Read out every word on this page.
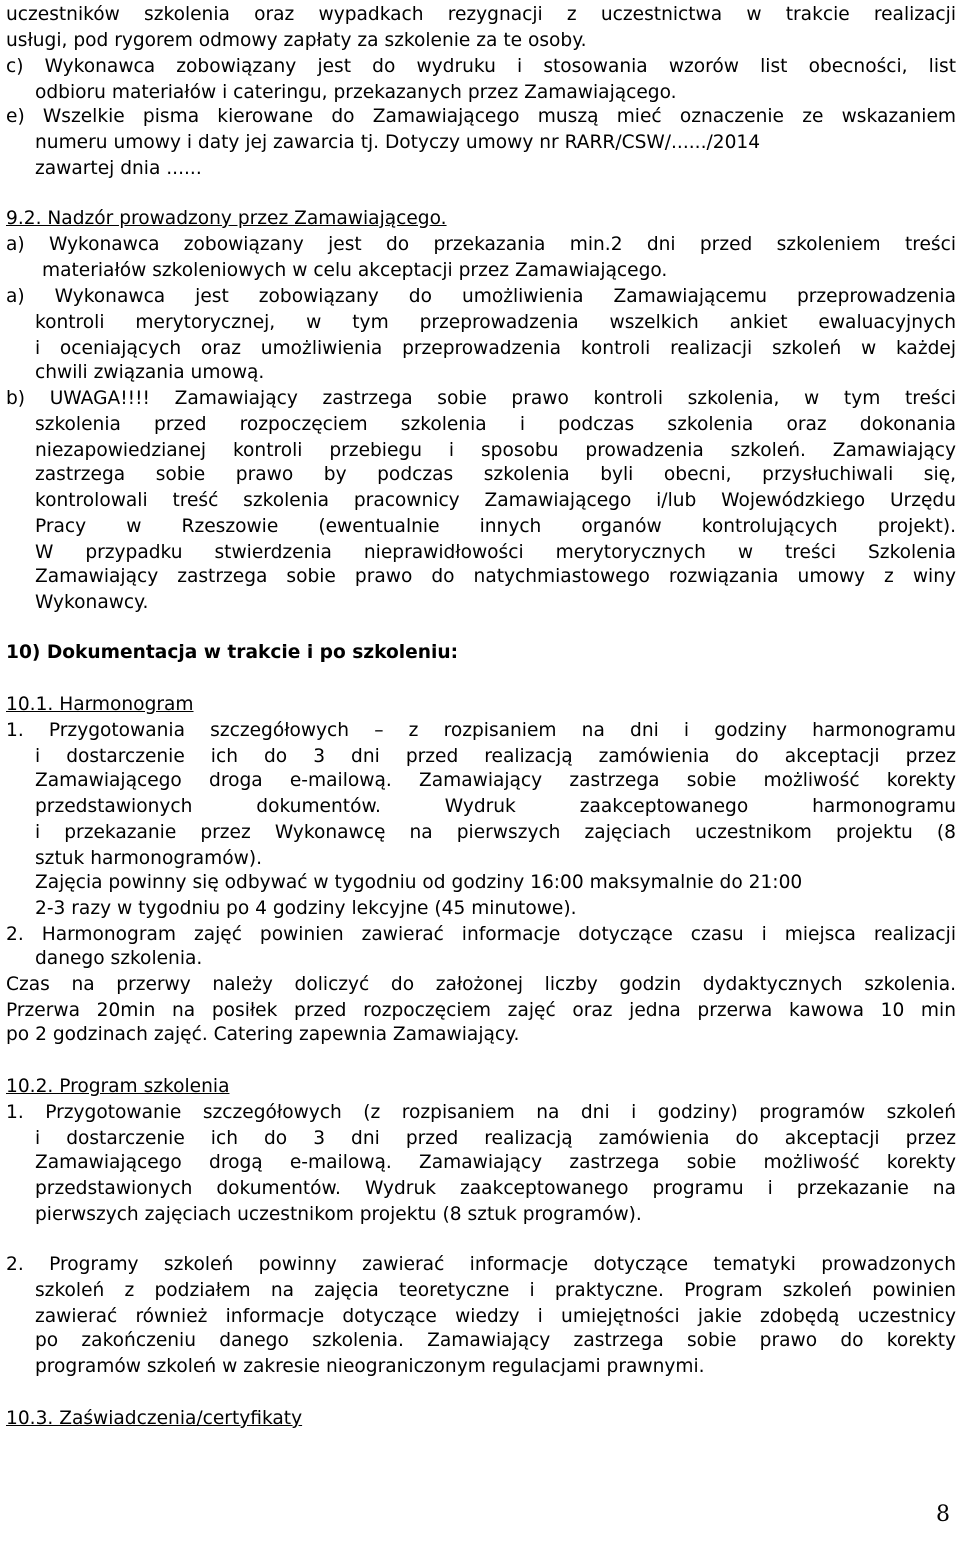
uczestników szkolenia oraz wypadkach rezygnacji z uczestnictwa w trakcie realizacji
usługi, pod rygorem odmowy zapłaty za szkolenie za te osoby.
c) Wykonawca zobowiązany jest do wydruku i stosowania wzorów list obecności, list
odbioru materiałów i cateringu, przekazanych przez Zamawiającego.
e) Wszelkie pisma kierowane do Zamawiającego muszą mieć oznaczenie ze wskazaniem
numeru umowy i daty jej zawarcia tj. Dotyczy umowy nr RARR/CSW/....../2014
zawartej dnia ......
9.2. Nadzór prowadzony przez Zamawiającego.
a) Wykonawca zobowiązany jest do przekazania min.2 dni przed szkoleniem treści
materiałów szkoleniowych w celu akceptacji przez Zamawiającego.
a) Wykonawca jest zobowiązany do umożliwienia Zamawiającemu przeprowadzenia
kontroli merytorycznej, w tym przeprowadzenia wszelkich ankiet ewaluacyjnych
i oceniających oraz umożliwienia przeprowadzenia kontroli realizacji szkoleń w każdej
chwili związania umową.
b) UWAGA!!!! Zamawiający zastrzega sobie prawo kontroli szkolenia, w tym treści
szkolenia przed rozpoczęciem szkolenia i podczas szkolenia oraz dokonania
niezapowiedzianej kontroli przebiegu i sposobu prowadzenia szkoleń. Zamawiający
zastrzega sobie prawo by podczas szkolenia byli obecni, przysłuchiwali się,
kontrolowali treść szkolenia pracownicy Zamawiającego i/lub Wojewódzkiego Urzędu
Pracy w Rzeszowie (ewentualnie innych organów kontrolujących projekt).
W przypadku stwierdzenia nieprawidłowości merytorycznych w treści Szkolenia
Zamawiający zastrzega sobie prawo do natychmiastowego rozwiązania umowy z winy
Wykonawcy.
10) Dokumentacja w trakcie i po szkoleniu:
10.1. Harmonogram
1. Przygotowania szczegółowych – z rozpisaniem na dni i godziny harmonogramu
i dostarczenie ich do 3 dni przed realizacją zamówienia do akceptacji przez
Zamawiającego droga e-mailową. Zamawiający zastrzega sobie możliwość korekty
przedstawionych dokumentów. Wydruk zaakceptowanego harmonogramu
i przekazanie przez Wykonawcę na pierwszych zajęciach uczestnikom projektu (8
sztuk harmonogramów).
Zajęcia powinny się odbywać w tygodniu od godziny 16:00 maksymalnie do 21:00
2-3 razy w tygodniu po 4 godziny lekcyjne (45 minutowe).
2. Harmonogram zajęć powinien zawierać informacje dotyczące czasu i miejsca realizacji
danego szkolenia.
Czas na przerwy należy doliczyć do założonej liczby godzin dydaktycznych szkolenia.
Przerwa 20min na posiłek przed rozpoczęciem zajęć oraz jedna przerwa kawowa 10 min
po 2 godzinach zajęć. Catering zapewnia Zamawiający.
10.2. Program szkolenia
1. Przygotowanie szczegółowych (z rozpisaniem na dni i godziny) programów szkoleń
i dostarczenie ich do 3 dni przed realizacją zamówienia do akceptacji przez
Zamawiającego drogą e-mailową. Zamawiający zastrzega sobie możliwość korekty
przedstawionych dokumentów. Wydruk zaakceptowanego programu i przekazanie na
pierwszych zajęciach uczestnikom projektu (8 sztuk programów).
2. Programy szkoleń powinny zawierać informacje dotyczące tematyki prowadzonych
szkoleń z podziałem na zajęcia teoretyczne i praktyczne. Program szkoleń powinien
zawierać również informacje dotyczące wiedzy i umiejętności jakie zdobędą uczestnicy
po zakończeniu danego szkolenia. Zamawiający zastrzega sobie prawo do korekty
programów szkoleń w zakresie nieograniczonym regulacjami prawnymi.
10.3. Zaświadczenia/certyfikaty
8
